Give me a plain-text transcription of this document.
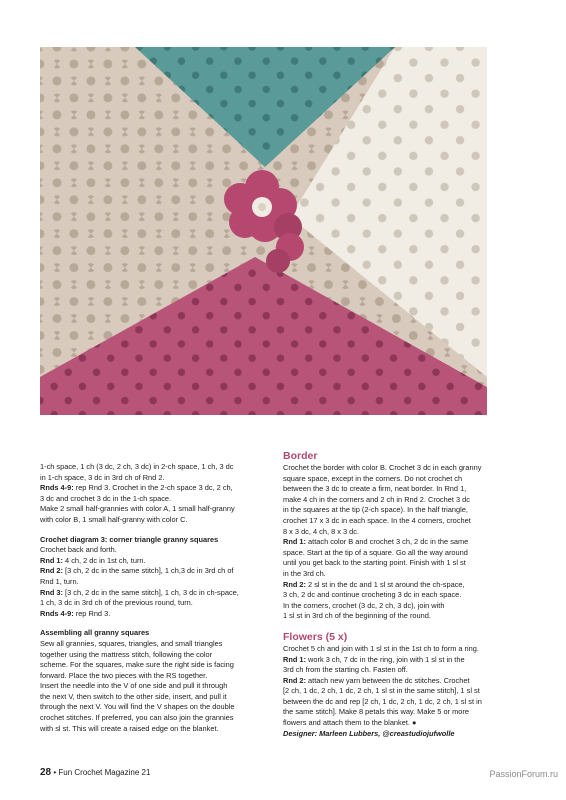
1-ch space, 1 ch (3 dc, 2 ch, 3 dc) in 2-ch space, 1 ch, 3 dc

in 1-ch space, 3 dc in 3rd ch of Rnd 2.

Rnds 4-9: rep Rnd 3. Crochet in the 2-ch space 3 dc, 2 ch,

3 dc and crochet 3 dc in the 1-ch space.

Make 2 small half-grannies with color A, 1 small half-granny

with color B, 1 small half-granny with color C.

Crochet diagram 3: corner triangle granny squares

Crochet back and forth.

Rnd 1: 4 ch, 2 dc in 1st ch, turn.

Rnd 2: [3 ch, 2 dc in the same stitch], 1 ch,3 dc in 3rd ch of

Rnd 1, turn.

Rnd 3: [3 ch, 2 dc in the same stitch], 1 ch, 3 dc in ch-space,

1 ch, 3 dc in 3rd ch of the previous round, turn.

Rnds 4-9: rep Rnd 3.

Assembling all granny squares

Sew all grannies, squares, triangles, and small triangles

together using the mattress stitch, following the color

scheme. For the squares, make sure the right side is facing

forward. Place the two pieces with the RS together.

Insert the needle into the V of one side and pull it through

the next V, then switch to the other side, insert, and pull it

through the next V. You will find the V shapes on the double

crochet stitches. If preferred, you can also join the grannies

with sl st. This will create a raised edge on the blanket.

Border

Crochet the border with color B. Crochet 3 dc in each granny

square space, except in the corners. Do not crochet ch

between the 3 dc to create a firm, neat border. In Rnd 1,

make 4 ch in the corners and 2 ch in Rnd 2. Crochet 3 dc

in the squares at the tip (2-ch space). In the half triangle,

crochet 17 x 3 dc in each space. In the 4 corners, crochet

8 x 3 dc, 4 ch, 8 x 3 dc.

Rnd 1: attach color B and crochet 3 ch, 2 dc in the same

space. Start at the tip of a square. Go all the way around

until you get back to the starting point. Finish with 1 sl st

in the 3rd ch.

Rnd 2: 2 sl st in the dc and 1 sl st around the ch-space,

3 ch, 2 dc and continue crocheting 3 dc in each space.

In the corners, crochet (3 dc, 2 ch, 3 dc), join with

1 sl st in 3rd ch of the beginning of the round.

Flowers (5 x)

Crochet 5 ch and join with 1 sl st in the 1st ch to form a ring.

Rnd 1: work 3 ch, 7 dc in the ring, join with 1 sl st in the

3rd ch from the starting ch. Fasten off.

Rnd 2: attach new yarn between the dc stitches. Crochet

[2 ch, 1 dc, 2 ch, 1 dc, 2 ch, 1 sl st in the same stitch], 1 sl st

between the dc and rep [2 ch, 1 dc, 2 ch, 1 dc, 2 ch, 1 sl st in

the same stitch]. Make 8 petals this way. Make 5 or more

flowers and attach them to the blanket. ●

Designer: Marleen Lubbers, @creastudiojufwolle

28 • Fun Crochet Magazine 21	PassionForum.ru
